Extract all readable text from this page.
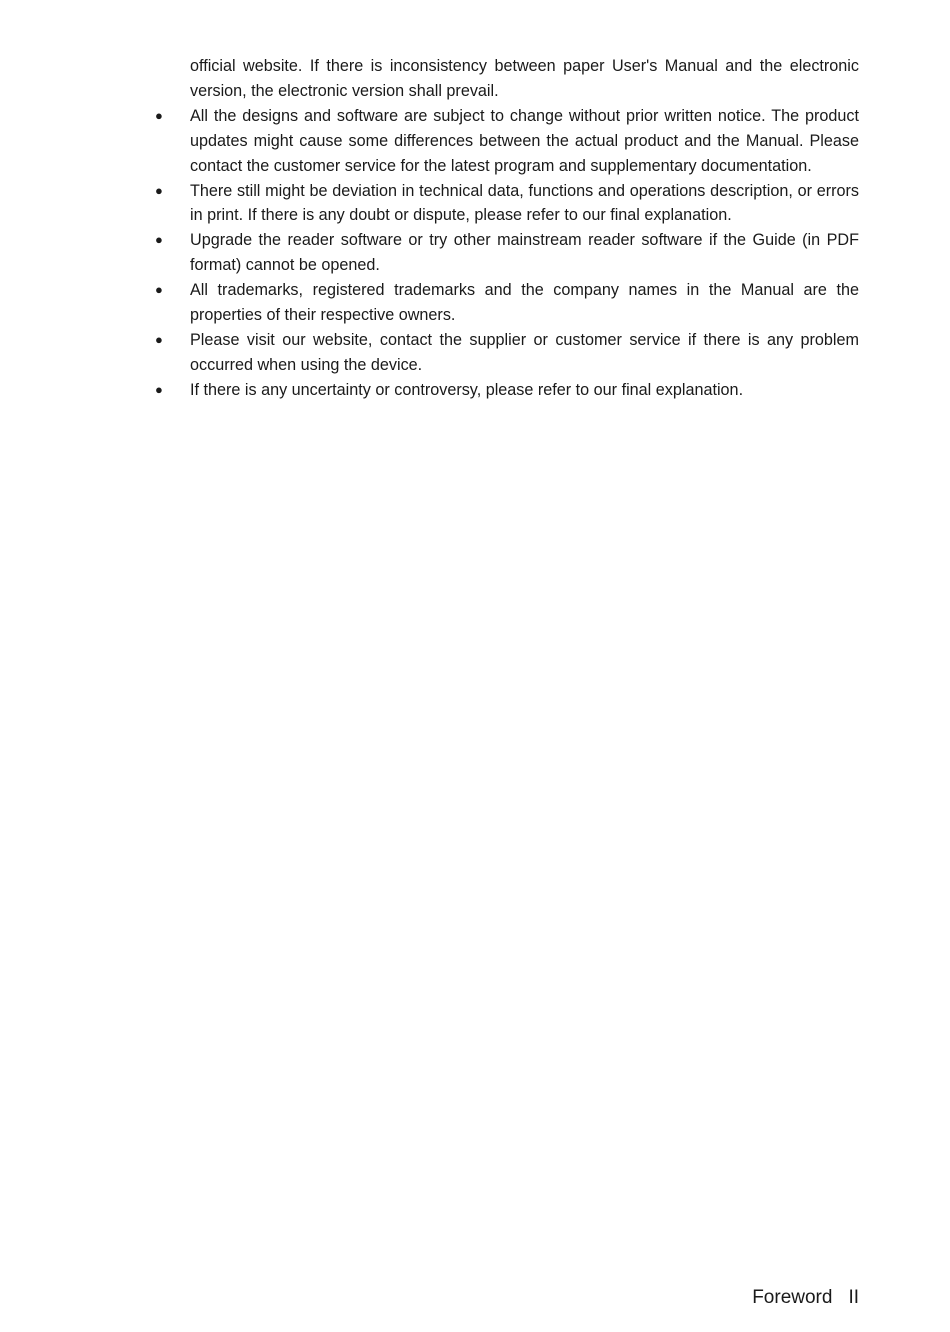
official website. If there is inconsistency between paper User's Manual and the electronic version, the electronic version shall prevail.

● All the designs and software are subject to change without prior written notice. The product updates might cause some differences between the actual product and the Manual. Please contact the customer service for the latest program and supplementary documentation.
● There still might be deviation in technical data, functions and operations description, or errors in print. If there is any doubt or dispute, please refer to our final explanation.
● Upgrade the reader software or try other mainstream reader software if the Guide (in PDF format) cannot be opened.
● All trademarks, registered trademarks and the company names in the Manual are the properties of their respective owners.
● Please visit our website, contact the supplier or customer service if there is any problem occurred when using the device.
● If there is any uncertainty or controversy, please refer to our final explanation.
Foreword II
